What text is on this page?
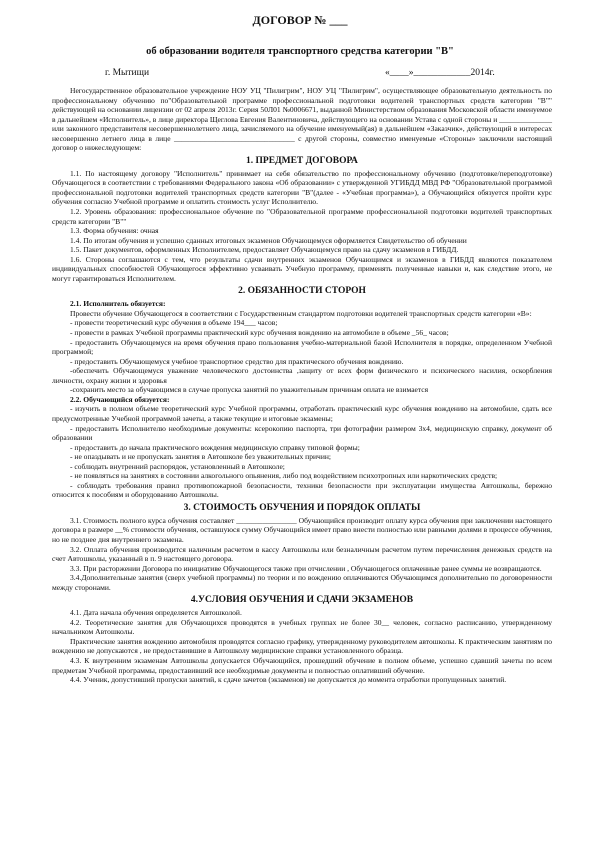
ДОГОВОР № ___
об образовании водителя транспортного средства категории "В"
г. Мытищи	«____»____________2014г.

Негосударственное образовательное учреждение НОУ УЦ "Пилигрим", НОУ УЦ "Пилигрим", осуществляющее образовательную деятельность по профессиональному обучению по"Образовательной программе профессиональной подготовки водителей транспортных средств категории "В"" действующей на основании лицензии от 02 апреля 2013г. Серия 50Л01 №0006671, выданной Министерством образования Московской области именуемое в дальнейшем «Исполнитель», в лице директора Щеглова Евгения Валентиновича, действующего на основании Устава с одной стороны и ______________ или законного представителя несовершеннолетнего лица, зачисляемого на обучение именуемый(ая) в дальнейшем «Заказчик», действующий в интересах несовершенно летнего лица в лице ________________________________ с другой стороны, совместно именуемые «Стороны» заключили настоящий договор о нижеследующем:

1. ПРЕДМЕТ ДОГОВОРА

1.1. По настоящему договору "Исполнитель" принимает на себя обязательство по профессиональному обучению (подготовке/переподготовке) Обучающегося в соответствии с требованиями Федерального закона «Об образовании» с утвержденной УГИБДД МВД РФ "Образовательной программой профессиональной подготовки водителей транспортных средств категории "В"(далее - «Учебная программа»), а Обучающийся обязуется пройти курс обучения согласно Учебной программе и оплатить стоимость услуг Исполнителю.

1.2. Уровень образования: профессиональное обучение по "Образовательной программе профессиональной подготовки водителей транспортных средств категории "В""

1.3. Форма обучения: очная

1.4. По итогам обучения и успешно сданных итоговых экзаменов Обучающемуся оформляется Свидетельство об обучении

1.5. Пакет документов, оформленных Исполнителем, предоставляет Обучающемуся право на сдачу экзаменов в ГИБДД.

1.6. Стороны соглашаются с тем, что результаты сдачи внутренних экзаменов Обучающимся и экзаменов в ГИБДД являются показателем индивидуальных способностей Обучающегося эффективно усваивать Учебную программу, применять полученные навыки и, как следствие этого, не могут гарантироваться Исполнителем.

2. ОБЯЗАННОСТИ СТОРОН

2.1. Исполнитель обязуется:

Провести обучение Обучающегося в соответствии с Государственным стандартом подготовки водителей транспортных средств категории «В»:

- провести теоретический курс обучения в объеме 194___ часов;

- провести в рамках Учебной программы практический курс обучения вождению на автомобиле в объеме _56_ часов;

- предоставить Обучающемуся на время обучения право пользования учебно-материальной базой Исполнителя в порядке, определенном Учебной программой;

- предоставить Обучающемуся учебное транспортное средство для практического обучения вождению.

-обеспечить Обучающемуся уважение человеческого достоинства ,защиту от всех форм физического и психического насилия, оскорбления личности, охрану жизни и здоровья

-сохранить место за обучающимся в случае пропуска занятий по уважительным причинам оплата не взимается

2.2. Обучающийся обязуется:

- изучить в полном объеме теоретический курс Учебной программы, отработать практический курс обучения вождению на автомобиле, сдать все предусмотренные Учебной программой зачеты, а также текущие и итоговые экзамены;

- предоставить Исполнителю необходимые документы: ксерокопию паспорта, три фотографии размером 3х4, медицинскую справку, документ об образовании

- предоставить до начала практического вождения медицинскую справку типовой формы;

- не опаздывать и не пропускать занятия в Автошколе без уважительных причин;

- соблюдать внутренний распорядок, установленный в Автошколе;

- не появляться на занятиях в состоянии алкогольного опьянения, либо под воздействием психотропных или наркотических средств;

- соблюдать требования правил противопожарной безопасности, техники безопасности при эксплуатации имущества Автошколы, бережно относится к пособиям и оборудованию Автошколы.

3. СТОИМОСТЬ ОБУЧЕНИЯ И ПОРЯДОК ОПЛАТЫ

3.1. Стоимость полного курса обучения составляет ________________ Обучающийся производит оплату курса обучения при заключении настоящего договора в размере __% стоимости обучения, оставшуюся сумму Обучающийся имеет право внести полностью или равными долями в процессе обучения, но не позднее дня внутреннего экзамена.

3.2. Оплата обучения производится наличным расчетом в кассу Автошколы или безналичным расчетом путем перечисления денежных средств на счет Автошколы, указанный в п. 9 настоящего договора.

3.3. При расторжении Договора по инициативе Обучающегося также при отчислении , Обучающегося оплаченные ранее суммы не возвращаются.

3.4.Дополнительные занятия (сверх учебной программы) по теории и по вождению оплачиваются Обучающимся дополнительно по договоренности между сторонами.

4.УСЛОВИЯ ОБУЧЕНИЯ И СДАЧИ ЭКЗАМЕНОВ

4.1. Дата начала обучения определяется Автошколой.

4.2. Теоретические занятия для Обучающихся проводятся в учебных группах не более 30__ человек, согласно расписанию, утвержденному начальником Автошколы.

Практические занятия вождению автомобиля проводятся согласно графику, утвержденному руководителем автошколы. К практическим занятиям по вождению не допускаются , не предоставившие в Автошколу медицинские справки установленного образца.

4.3. К внутренним экзаменам Автошколы допускается Обучающийся, прошедший обучение в полном объеме, успешно сдавший зачеты по всем предметам Учебной программы, предоставивший все необходимые документы и полностью оплативший обучение.

4.4. Ученик, допустивший пропуски занятий, к сдаче зачетов (экзаменов) не допускается до момента отработки пропущенных занятий.
